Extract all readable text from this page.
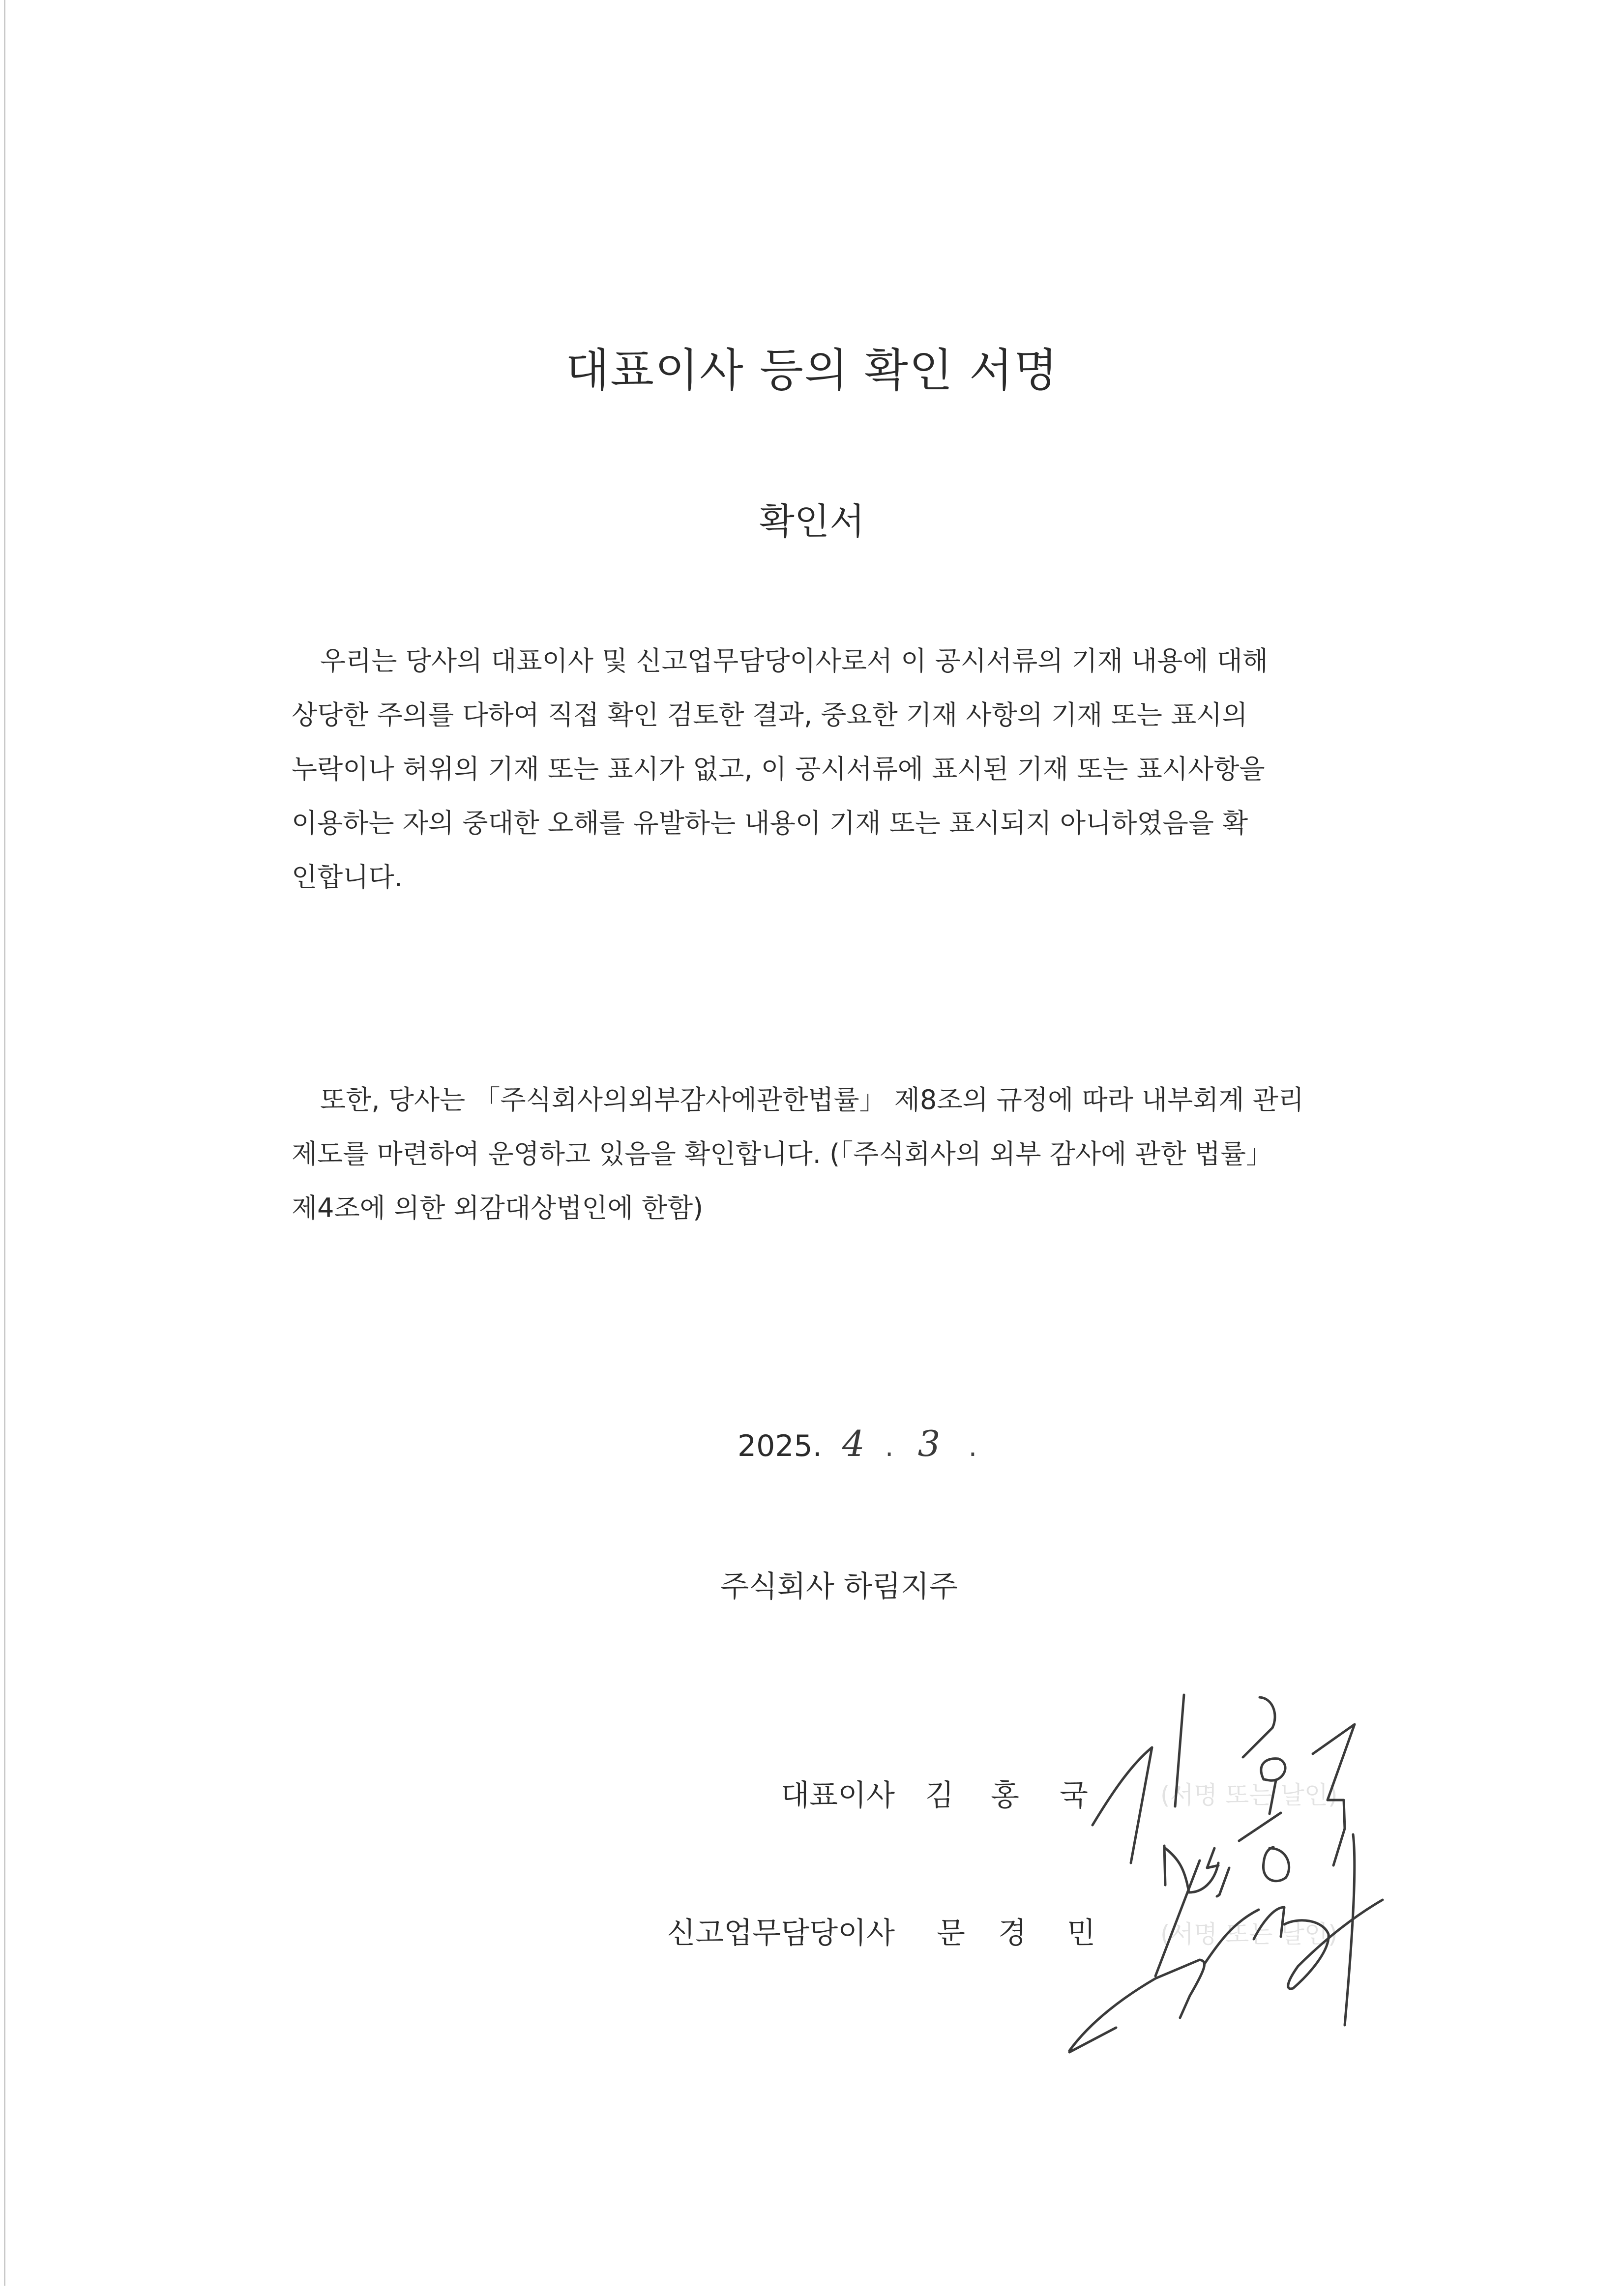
대표이사 등의 확인 서명
확인서

우리는 당사의 대표이사 및 신고업무담당이사로서 이 공시서류의 기재 내용에 대해
상당한 주의를 다하여 직접 확인 검토한 결과, 중요한 기재 사항의 기재 또는 표시의
누락이나 허위의 기재 또는 표시가 없고, 이 공시서류에 표시된 기재 또는 표시사항을
이용하는 자의 중대한 오해를 유발하는 내용이 기재 또는 표시되지 아니하였음을 확
인합니다.

또한, 당사는 「주식회사의외부감사에관한법률」 제8조의 규정에 따라 내부회계 관리
제도를 마련하여 운영하고 있음을 확인합니다. (「주식회사의 외부 감사에 관한 법률」
제4조에 의한 외감대상법인에 한함)

2025. 4 . 3 .
주식회사 하림지주
대표이사 김 홍 국	(서명 또는 날인)
신고업무담당이사 문 경 민	(서명 또는 날인)
